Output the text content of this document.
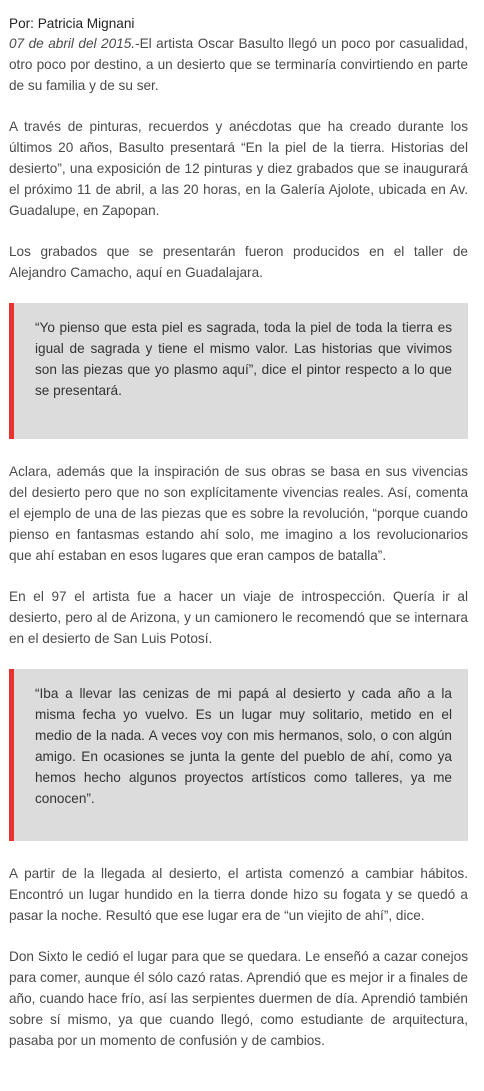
Por: Patricia Mignani

07 de abril del 2015.-El artista Oscar Basulto llegó un poco por casualidad, otro poco por destino, a un desierto que se terminaría convirtiendo en parte de su familia y de su ser.

A través de pinturas, recuerdos y anécdotas que ha creado durante los últimos 20 años, Basulto presentará “En la piel de la tierra. Historias del desierto”, una exposición de 12 pinturas y diez grabados que se inaugurará el próximo 11 de abril, a las 20 horas, en la Galería Ajolote, ubicada en Av. Guadalupe, en Zapopan.

Los grabados que se presentarán fueron producidos en el taller de Alejandro Camacho, aquí en Guadalajara.

“Yo pienso que esta piel es sagrada, toda la piel de toda la tierra es igual de sagrada y tiene el mismo valor. Las historias que vivimos son las piezas que yo plasmo aquí”, dice el pintor respecto a lo que se presentará.

Aclara, además que la inspiración de sus obras se basa en sus vivencias del desierto pero que no son explícitamente vivencias reales. Así, comenta el ejemplo de una de las piezas que es sobre la revolución, “porque cuando pienso en fantasmas estando ahí solo, me imagino a los revolucionarios que ahí estaban en esos lugares que eran campos de batalla”.

En el 97 el artista fue a hacer un viaje de introspección. Quería ir al desierto, pero al de Arizona, y un camionero le recomendó que se internara en el desierto de San Luis Potosí.

“Iba a llevar las cenizas de mi papá al desierto y cada año a la misma fecha yo vuelvo. Es un lugar muy solitario, metido en el medio de la nada. A veces voy con mis hermanos, solo, o con algún amigo. En ocasiones se junta la gente del pueblo de ahí, como ya hemos hecho algunos proyectos artísticos como talleres, ya me conocen”.

A partir de la llegada al desierto, el artista comenzó a cambiar hábitos. Encontró un lugar hundido en la tierra donde hizo su fogata y se quedó a pasar la noche. Resultó que ese lugar era de “un viejito de ahí”, dice.

Don Sixto le cedió el lugar para que se quedara. Le enseñó a cazar conejos para comer, aunque él sólo cazó ratas. Aprendió que es mejor ir a finales de año, cuando hace frío, así las serpientes duermen de día. Aprendió también sobre sí mismo, ya que cuando llegó, como estudiante de arquitectura, pasaba por un momento de confusión y de cambios.
